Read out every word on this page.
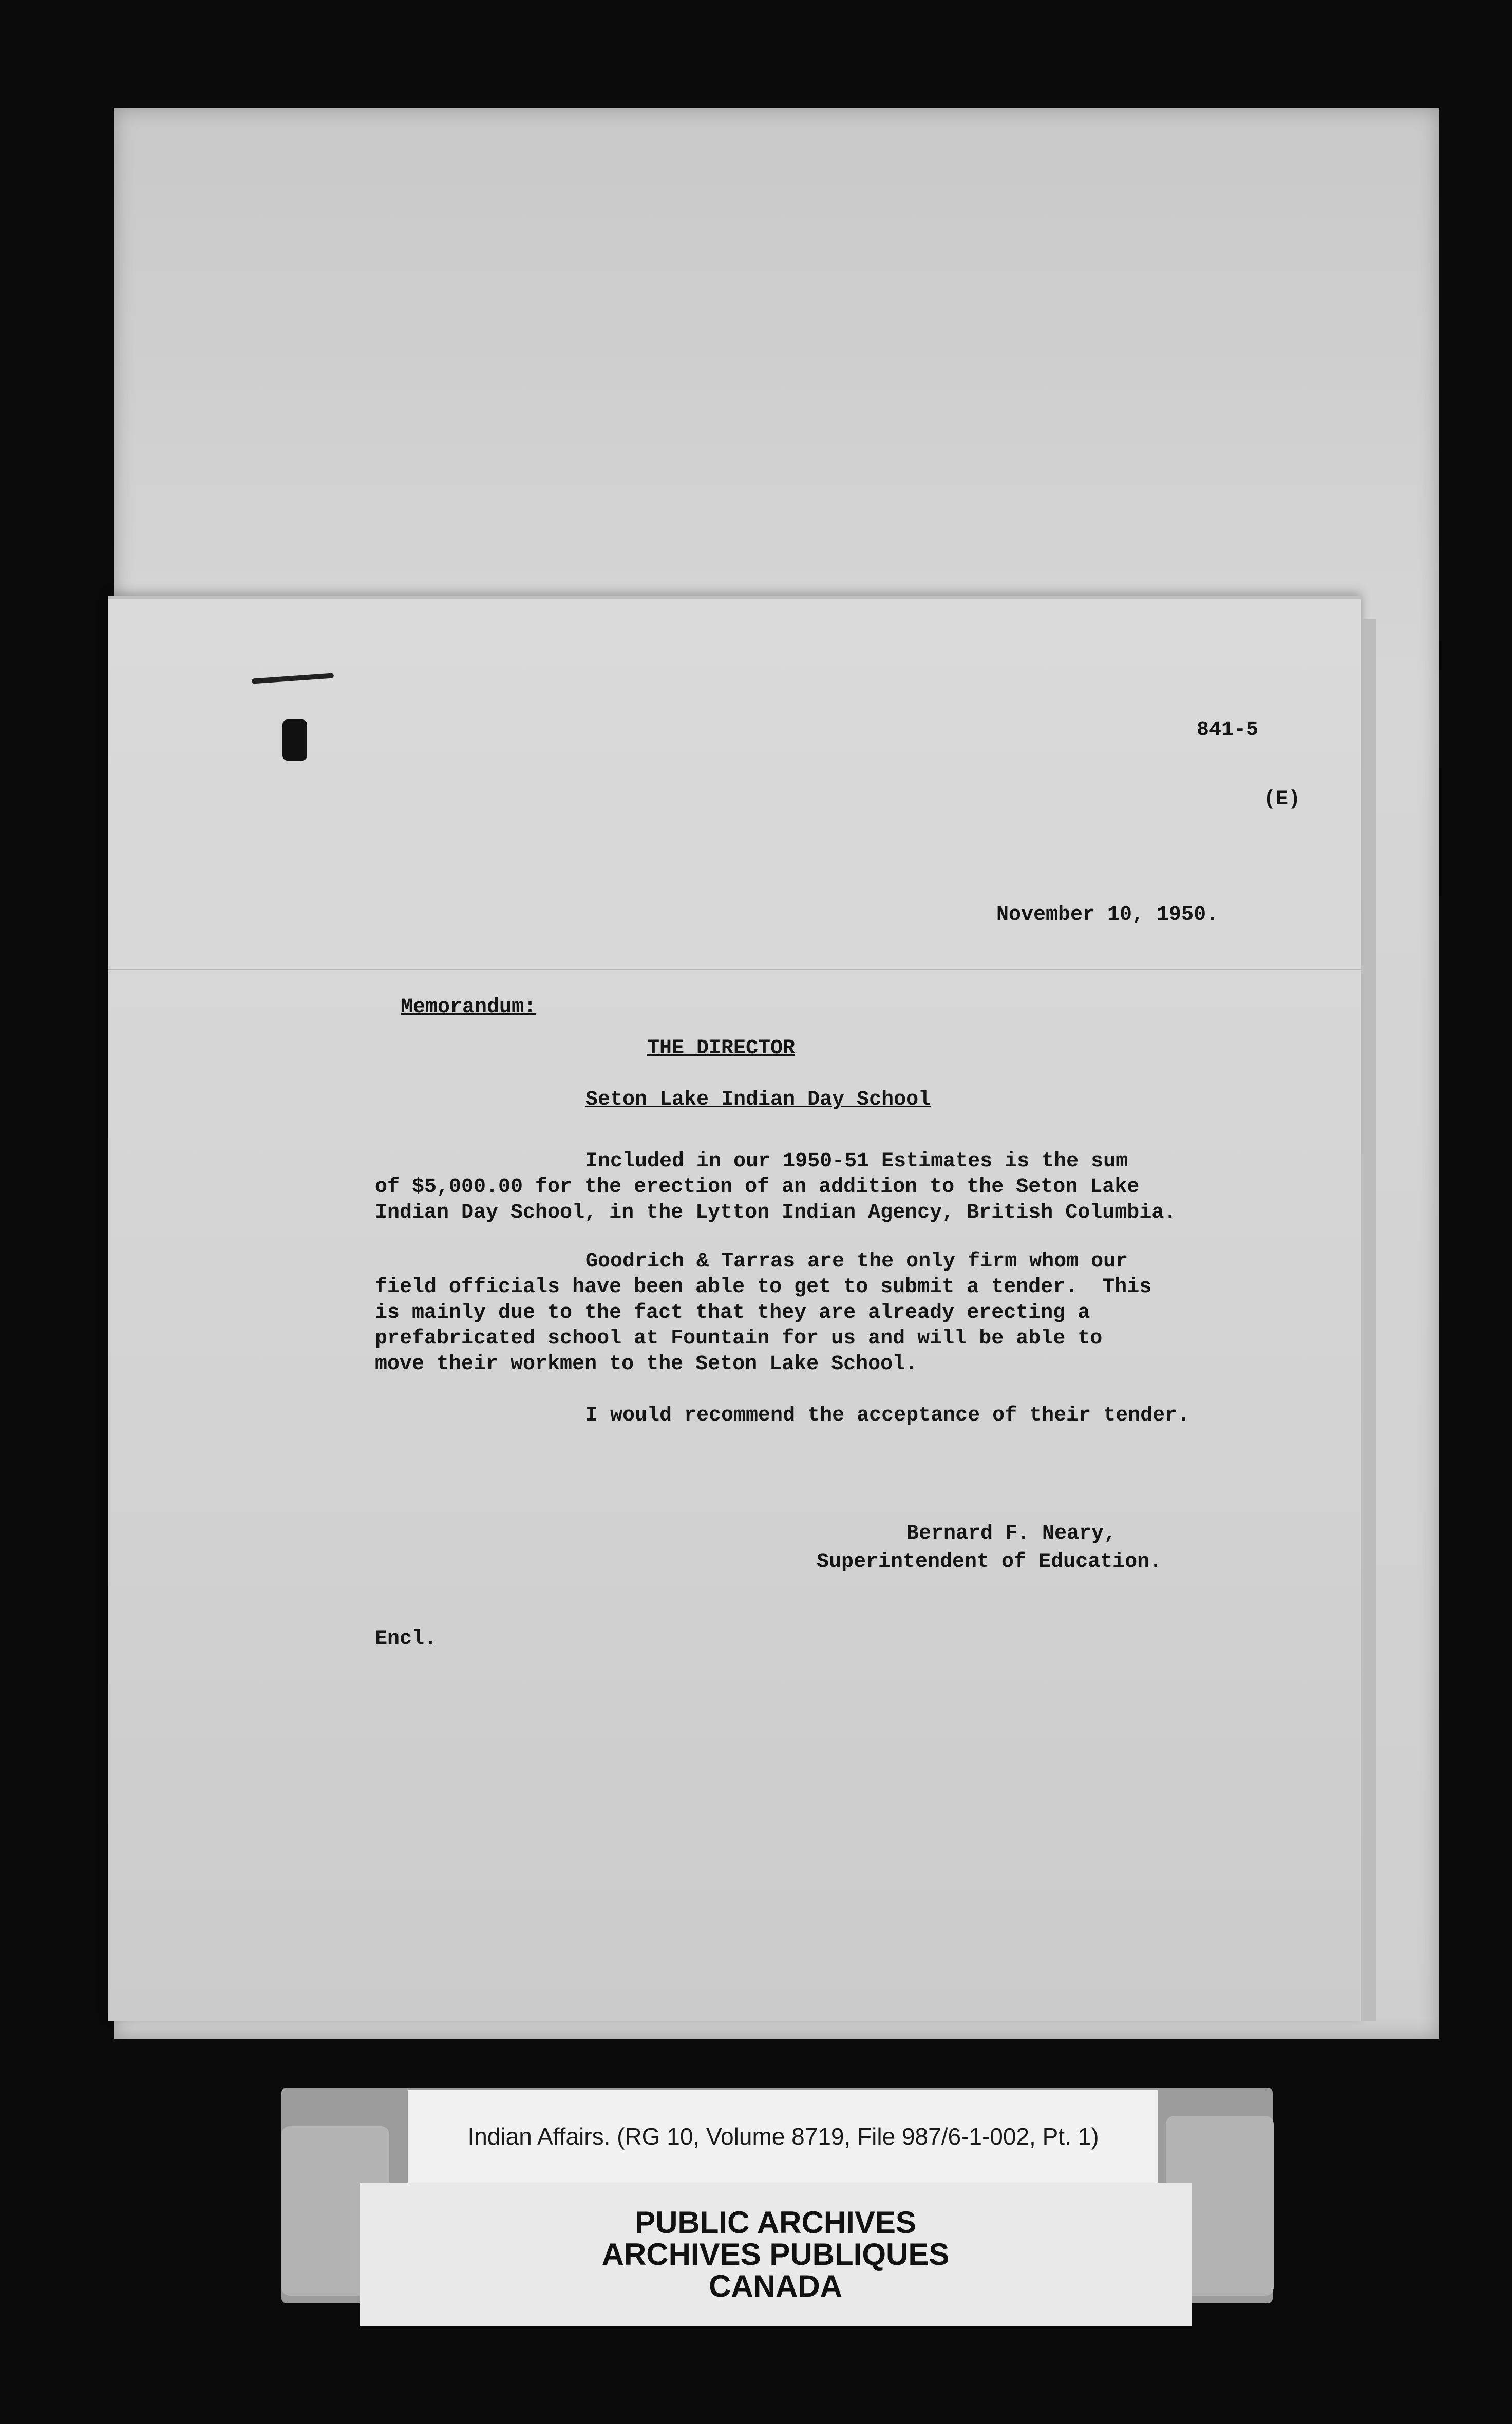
841-5
(E)
November 10, 1950.
Memorandum:
THE DIRECTOR
Seton Lake Indian Day School
Included in our 1950-51 Estimates is the sum
of $5,000.00 for the erection of an addition to the Seton Lake
Indian Day School, in the Lytton Indian Agency, British Columbia.
Goodrich & Tarras are the only firm whom our
field officials have been able to get to submit a tender.  This
is mainly due to the fact that they are already erecting a
prefabricated school at Fountain for us and will be able to
move their workmen to the Seton Lake School.
I would recommend the acceptance of their tender.
Bernard F. Neary,
Superintendent of Education.
Encl.
Indian Affairs. (RG 10, Volume 8719, File 987/6-1-002, Pt. 1)
PUBLIC ARCHIVES
ARCHIVES PUBLIQUES
CANADA
